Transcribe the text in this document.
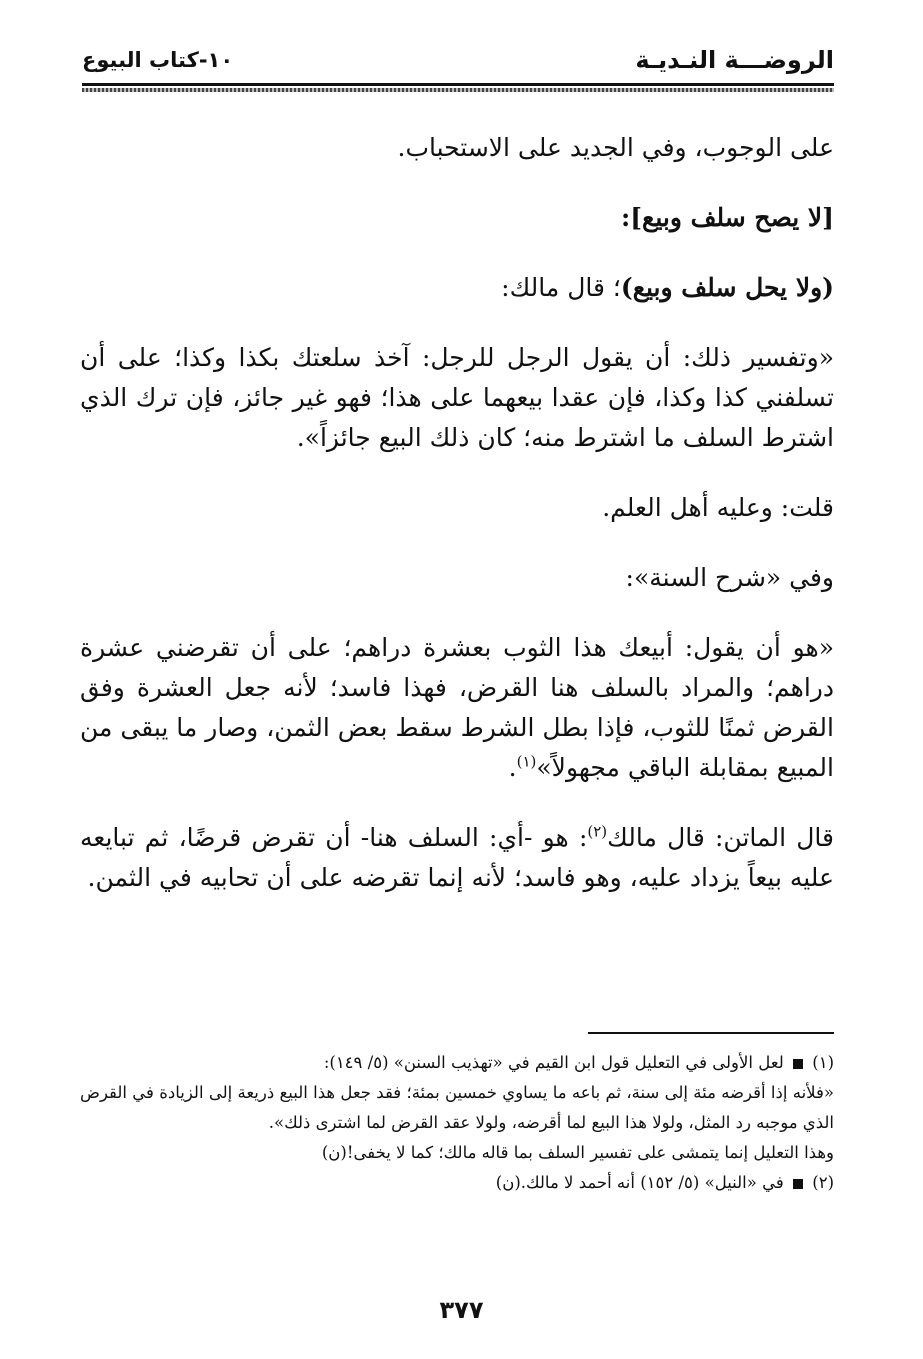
الروضـــة النـديـة
١٠-كتاب البيوع

على الوجوب، وفي الجديد على الاستحباب.

[لا يصح سلف وبيع]:

(ولا يحل سلف وبيع)؛ قال مالك:

«وتفسير ذلك: أن يقول الرجل للرجل: آخذ سلعتك بكذا وكذا؛ على أن تسلفني كذا وكذا، فإن عقدا بيعهما على هذا؛ فهو غير جائز، فإن ترك الذي اشترط السلف ما اشترط منه؛ كان ذلك البيع جائزاً».

قلت: وعليه أهل العلم.

وفي «شرح السنة»:

«هو أن يقول: أبيعك هذا الثوب بعشرة دراهم؛ على أن تقرضني عشرة دراهم؛ والمراد بالسلف هنا القرض، فهذا فاسد؛ لأنه جعل العشرة وفق القرض ثمنًا للثوب، فإذا بطل الشرط سقط بعض الثمن، وصار ما يبقى من المبيع بمقابلة الباقي مجهولاً»$^{(١)}$.

قال الماتن: قال مالك$^{(٢)}$: هو -أي: السلف هنا- أن تقرض قرضًا، ثم تبايعه عليه بيعاً يزداد عليه، وهو فاسد؛ لأنه إنما تقرضه على أن تحابيه في الثمن.

(١)  لعل الأولى في التعليل قول ابن القيم في «تهذيب السنن» (٥/ ١٤٩):

«فلأنه إذا أقرضه مئة إلى سنة، ثم باعه ما يساوي خمسين بمئة؛ فقد جعل هذا البيع ذريعة إلى الزيادة في القرض الذي موجبه رد المثل، ولولا هذا البيع لما أقرضه، ولولا عقد القرض لما اشترى ذلك».

وهذا التعليل إنما يتمشى على تفسير السلف بما قاله مالك؛ كما لا يخفى!(ن)

(٢)  في «النيل» (٥/ ١٥٢) أنه أحمد لا مالك.(ن)

٣٧٧
